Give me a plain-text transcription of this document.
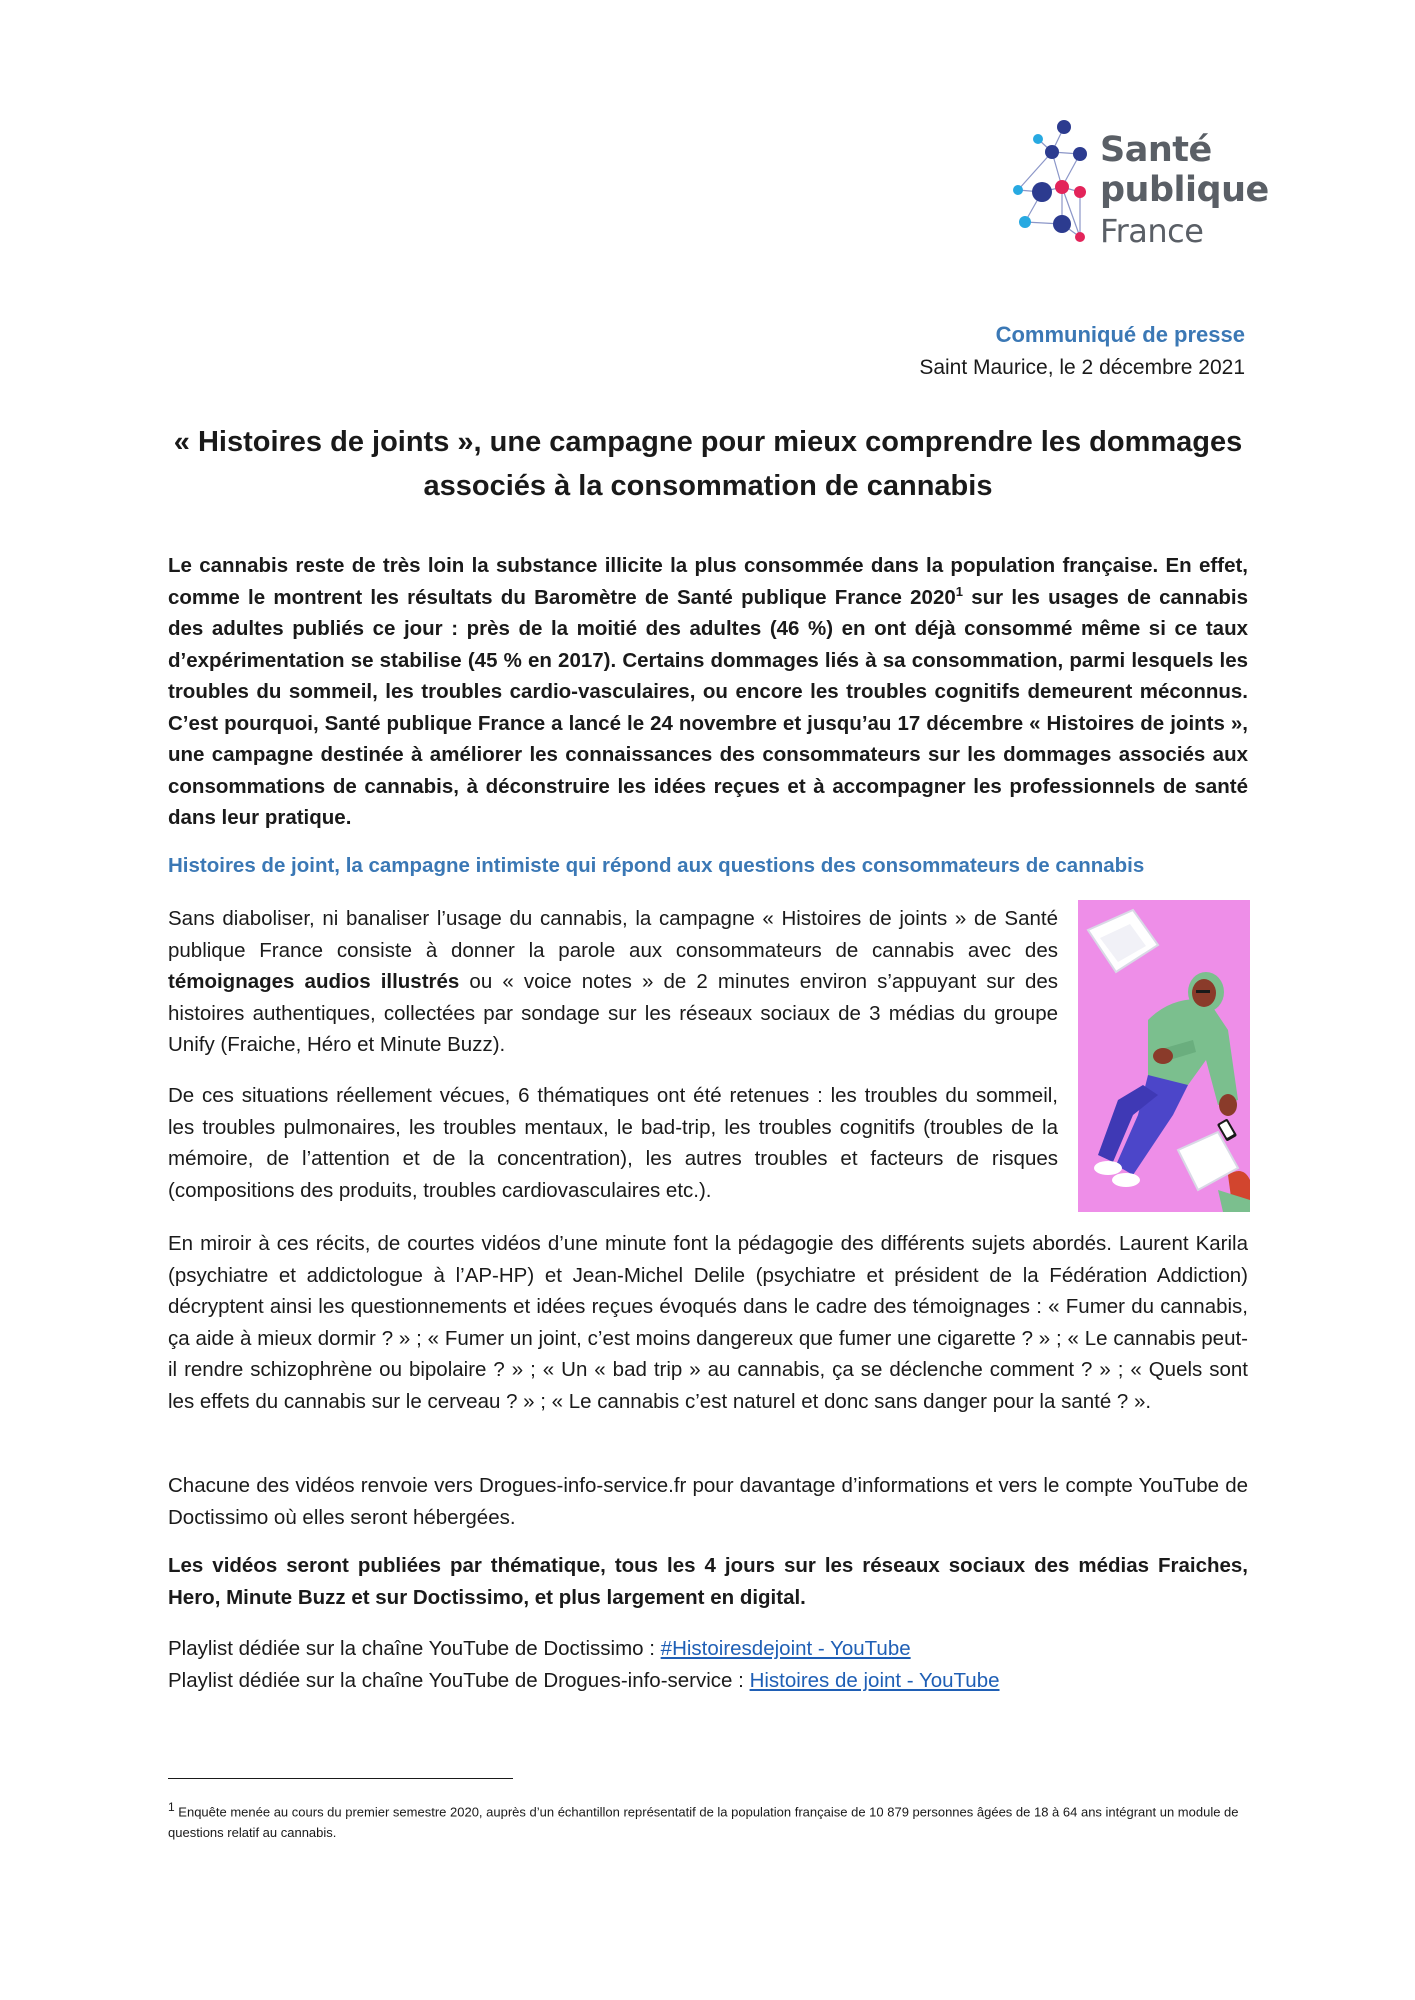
Santé
publique
France
Communiqué de presse
Saint Maurice, le 2 décembre 2021
« Histoires de joints », une campagne pour mieux comprendre les dommages associés à la consommation de cannabis
Le cannabis reste de très loin la substance illicite la plus consommée dans la population française. En effet, comme le montrent les résultats du Baromètre de Santé publique France 2020$^1$ sur les usages de cannabis des adultes publiés ce jour : près de la moitié des adultes (46 %) en ont déjà consommé même si ce taux d’expérimentation se stabilise (45 % en 2017). Certains dommages liés à sa consommation, parmi lesquels les troubles du sommeil, les troubles cardio-vasculaires, ou encore les troubles cognitifs demeurent méconnus. C’est pourquoi, Santé publique France a lancé le 24 novembre et jusqu’au 17 décembre « Histoires de joints », une campagne destinée à améliorer les connaissances des consommateurs sur les dommages associés aux consommations de cannabis, à déconstruire les idées reçues et à accompagner les professionnels de santé dans leur pratique.
Histoires de joint, la campagne intimiste qui répond aux questions des consommateurs de cannabis
Sans diaboliser, ni banaliser l’usage du cannabis, la campagne « Histoires de joints » de Santé publique France consiste à donner la parole aux consommateurs de cannabis avec des témoignages audios illustrés ou « voice notes » de 2 minutes environ s’appuyant sur des histoires authentiques, collectées par sondage sur les réseaux sociaux de 3 médias du groupe Unify (Fraiche, Héro et Minute Buzz).
De ces situations réellement vécues, 6 thématiques ont été retenues : les troubles du sommeil, les troubles pulmonaires, les troubles mentaux, le bad-trip, les troubles cognitifs (troubles de la mémoire, de l’attention et de la concentration), les autres troubles et facteurs de risques (compositions des produits, troubles cardiovasculaires etc.).
En miroir à ces récits, de courtes vidéos d’une minute font la pédagogie des différents sujets abordés. Laurent Karila (psychiatre et addictologue à l’AP-HP) et Jean-Michel Delile (psychiatre et président de la Fédération Addiction) décryptent ainsi les questionnements et idées reçues évoqués dans le cadre des témoignages : « Fumer du cannabis, ça aide à mieux dormir ? » ; « Fumer un joint, c’est moins dangereux que fumer une cigarette ? » ; « Le cannabis peut-il rendre schizophrène ou bipolaire ? » ; « Un « bad trip » au cannabis, ça se déclenche comment ? » ; « Quels sont les effets du cannabis sur le cerveau ? » ; « Le cannabis c’est naturel et donc sans danger pour la santé ? ».
Chacune des vidéos renvoie vers Drogues-info-service.fr pour davantage d’informations et vers le compte YouTube de Doctissimo où elles seront hébergées.
Les vidéos seront publiées par thématique, tous les 4 jours sur les réseaux sociaux des médias Fraiches, Hero, Minute Buzz et sur Doctissimo, et plus largement en digital.
Playlist dédiée sur la chaîne YouTube de Doctissimo : #Histoiresdejoint - YouTube
Playlist dédiée sur la chaîne YouTube de Drogues-info-service : Histoires de joint - YouTube
$^1$ Enquête menée au cours du premier semestre 2020, auprès d’un échantillon représentatif de la population française de 10 879 personnes âgées de 18 à 64 ans intégrant un module de questions relatif au cannabis.
